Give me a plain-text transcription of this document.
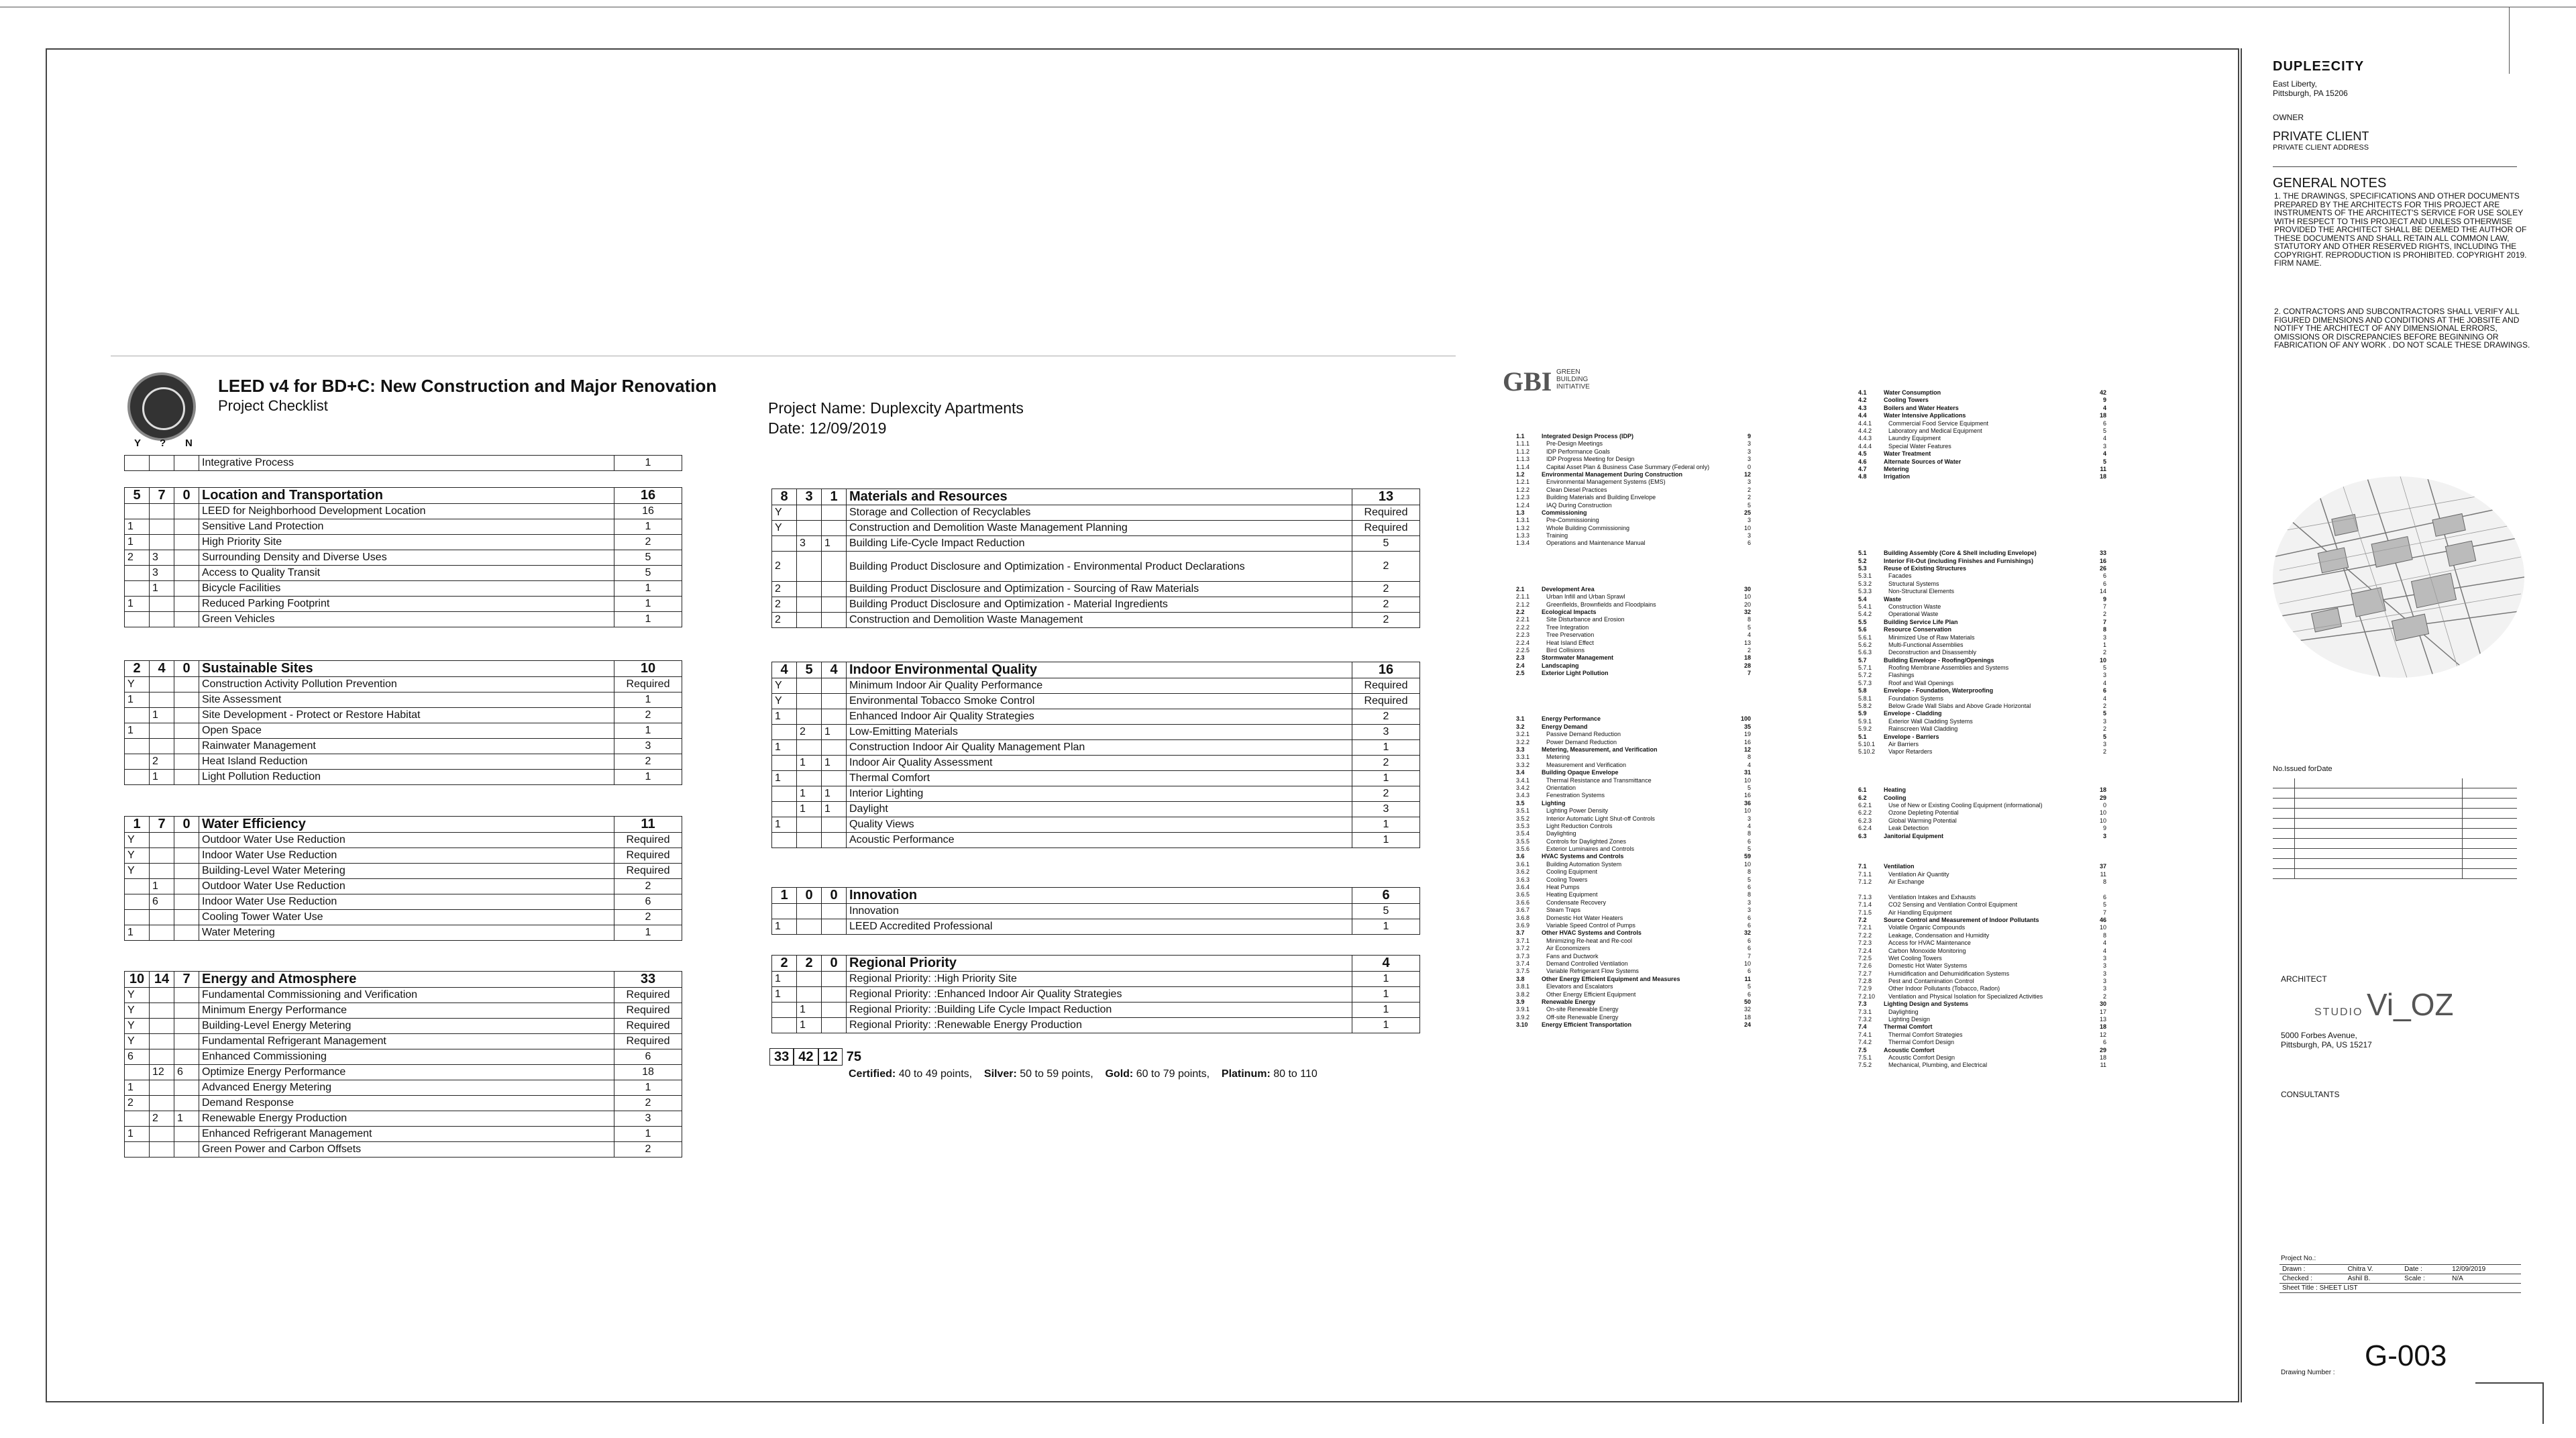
LEED v4 for BD+C: New Construction and Major Renovation
Project Checklist	Project Name: Duplexcity Apartments
Date: 12/09/2019
Y ? N
			Integrative Process	1
5	7	0	Location and Transportation	16
			LEED for Neighborhood Development Location	16
1			Sensitive Land Protection	1
1			High Priority Site	2
2	3		Surrounding Density and Diverse Uses	5
	3		Access to Quality Transit	5
	1		Bicycle Facilities	1
1			Reduced Parking Footprint	1
			Green Vehicles	1
2	4	0	Sustainable Sites	10
Y			Construction Activity Pollution Prevention	Required
1			Site Assessment	1
	1		Site Development - Protect or Restore Habitat	2
1			Open Space	1
			Rainwater Management	3
	2		Heat Island Reduction	2
	1		Light Pollution Reduction	1
1	7	0	Water Efficiency	11
Y			Outdoor Water Use Reduction	Required
Y			Indoor Water Use Reduction	Required
Y			Building-Level Water Metering	Required
	1		Outdoor Water Use Reduction	2
	6		Indoor Water Use Reduction	6
			Cooling Tower Water Use	2
1			Water Metering	1
10	14	7	Energy and Atmosphere	33
Y			Fundamental Commissioning and Verification	Required
Y			Minimum Energy Performance	Required
Y			Building-Level Energy Metering	Required
Y			Fundamental Refrigerant Management	Required
6			Enhanced Commissioning	6
	12	6	Optimize Energy Performance	18
1			Advanced Energy Metering	1
2			Demand Response	2
	2	1	Renewable Energy Production	3
1			Enhanced Refrigerant Management	1
			Green Power and Carbon Offsets	2
8	3	1	Materials and Resources	13
Y			Storage and Collection of Recyclables	Required
Y			Construction and Demolition Waste Management Planning	Required
	3	1	Building Life-Cycle Impact Reduction	5
2			Building Product Disclosure and Optimization - Environmental Product Declarations	2
2			Building Product Disclosure and Optimization - Sourcing of Raw Materials	2
2			Building Product Disclosure and Optimization - Material Ingredients	2
2			Construction and Demolition Waste Management	2
4	5	4	Indoor Environmental Quality	16
Y			Minimum Indoor Air Quality Performance	Required
Y			Environmental Tobacco Smoke Control	Required
1			Enhanced Indoor Air Quality Strategies	2
	2	1	Low-Emitting Materials	3
1			Construction Indoor Air Quality Management Plan	1
	1	1	Indoor Air Quality Assessment	2
1			Thermal Comfort	1
	1	1	Interior Lighting	2
	1	1	Daylight	3
1			Quality Views	1
			Acoustic Performance	1
1	0	0	Innovation	6
			Innovation	5
1			LEED Accredited Professional	1
2	2	0	Regional Priority	4
1			Regional Priority: :High Priority Site	1
1			Regional Priority: :Enhanced Indoor Air Quality Strategies	1
	1		Regional Priority: :Building Life Cycle Impact Reduction	1
	1		Regional Priority: :Renewable Energy Production	1
33 42 12 75
Certified: 40 to 49 points, Silver: 50 to 59 points, Gold: 60 to 79 points, Platinum: 80 to 110
GBI GREEN BUILDING INITIATIVE
1.1	Integrated Design Process (IDP)	9
1.1.1	Pre-Design Meetings	3
1.1.2	IDP Performance Goals	3
1.1.3	IDP Progress Meeting for Design	3
1.1.4	Capital Asset Plan & Business Case Summary (Federal only)	0
1.2	Environmental Management During Construction	12
1.2.1	Environmental Management Systems (EMS)	3
1.2.2	Clean Diesel Practices	2
1.2.3	Building Materials and Building Envelope	2
1.2.4	IAQ During Construction	5
1.3	Commissioning	25
1.3.1	Pre-Commissioning	3
1.3.2	Whole Building Commissioning	10
1.3.3	Training	3
1.3.4	Operations and Maintenance Manual	6
2.1	Development Area	30
2.1.1	Urban Infill and Urban Sprawl	10
2.1.2	Greenfields, Brownfields and Floodplains	20
2.2	Ecological Impacts	32
2.2.1	Site Disturbance and Erosion	8
2.2.2	Tree Integration	5
2.2.3	Tree Preservation	4
2.2.4	Heat Island Effect	13
2.2.5	Bird Collisions	2
2.3	Stormwater Management	18
2.4	Landscaping	28
2.5	Exterior Light Pollution	7
3.1	Energy Performance	100
3.2	Energy Demand	35
3.2.1	Passive Demand Reduction	19
3.2.2	Power Demand Reduction	16
3.3	Metering, Measurement, and Verification	12
3.3.1	Metering	8
3.3.2	Measurement and Verification	4
3.4	Building Opaque Envelope	31
3.4.1	Thermal Resistance and Transmittance	10
3.4.2	Orientation	5
3.4.3	Fenestration Systems	16
3.5	Lighting	36
3.5.1	Lighting Power Density	10
3.5.2	Interior Automatic Light Shut-off Controls	3
3.5.3	Light Reduction Controls	4
3.5.4	Daylighting	8
3.5.5	Controls for Daylighted Zones	6
3.5.6	Exterior Luminaires and Controls	5
3.6	HVAC Systems and Controls	59
3.6.1	Building Automation System	10
3.6.2	Cooling Equipment	8
3.6.3	Cooling Towers	5
3.6.4	Heat Pumps	6
3.6.5	Heating Equipment	8
3.6.6	Condensate Recovery	3
3.6.7	Steam Traps	3
3.6.8	Domestic Hot Water Heaters	6
3.6.9	Variable Speed Control of Pumps	6
3.7	Other HVAC Systems and Controls	32
3.7.1	Minimizing Re-heat and Re-cool	6
3.7.2	Air Economizers	6
3.7.3	Fans and Ductwork	7
3.7.4	Demand Controlled Ventilation	10
3.7.5	Variable Refrigerant Flow Systems	6
3.8	Other Energy Efficient Equipment and Measures	11
3.8.1	Elevators and Escalators	5
3.8.2	Other Energy Efficient Equipment	6
3.9	Renewable Energy	50
3.9.1	On-site Renewable Energy	32
3.9.2	Off-site Renewable Energy	18
3.10 Energy Efficient Transportation	24
4.1	Water Consumption	42
4.2	Cooling Towers	9
4.3	Boilers and Water Heaters	4
4.4	Water Intensive Applications	18
4.4.1	Commercial Food Service Equipment	6
4.4.2	Laboratory and Medical Equipment	5
4.4.3	Laundry Equipment	4
4.4.4	Special Water Features	3
4.5	Water Treatment	4
4.6	Alternate Sources of Water	5
4.7	Metering	11
4.8	Irrigation	18
5.1	Building Assembly (Core & Shell including Envelope)	33
5.2	Interior Fit-Out (including Finishes and Furnishings)	16
5.3	Reuse of Existing Structures	26
5.3.1	Facades	6
5.3.2	Structural Systems	6
5.3.3	Non-Structural Elements	14
5.4	Waste	9
5.4.1	Construction Waste	7
5.4.2	Operational Waste	2
5.5	Building Service Life Plan	7
5.6	Resource Conservation	8
5.6.1	Minimized Use of Raw Materials	3
5.6.2	Multi-Functional Assemblies	1
5.6.3	Deconstruction and Disassembly	2
5.7	Building Envelope - Roofing/Openings	10
5.7.1	Roofing Membrane Assemblies and Systems	5
5.7.2	Flashings	3
5.7.3	Roof and Wall Openings	4
5.8	Envelope - Foundation, Waterproofing	6
5.8.1	Foundation Systems	4
5.8.2	Below Grade Wall Slabs and Above Grade Horizontal	2
5.9	Envelope - Cladding	5
5.9.1	Exterior Wall Cladding Systems	3
5.9.2	Rainscreen Wall Cladding	2
5.1	Envelope - Barriers	5
5.10.1 Air Barriers	3
5.10.2 Vapor Retarders	2
6.1	Heating	18
6.2	Cooling	29
6.2.1	Use of New or Existing Cooling Equipment (informational)	0
6.2.2	Ozone Depleting Potential	10
6.2.3	Global Warming Potential	10
6.2.4	Leak Detection	9
6.3	Janitorial Equipment	3
7.1	Ventilation	37
7.1.1	Ventilation Air Quantity	11
7.1.2	Air Exchange	8
7.1.3	Ventilation Intakes and Exhausts	6
7.1.4	CO2 Sensing and Ventilation Control Equipment	5
7.1.5	Air Handling Equipment	7
7.2	Source Control and Measurement of Indoor Pollutants	46
7.2.1	Volatile Organic Compounds	10
7.2.2	Leakage, Condensation and Humidity	8
7.2.3	Access for HVAC Maintenance	4
7.2.4	Carbon Monoxide Monitoring	4
7.2.5	Wet Cooling Towers	3
7.2.6	Domestic Hot Water Systems	3
7.2.7	Humidification and Dehumidification Systems	3
7.2.8	Pest and Contamination Control	3
7.2.9	Other Indoor Pollutants (Tobacco, Radon)	3
7.2.10 Ventilation and Physical Isolation for Specialized Activities	2
7.3	Lighting Design and Systems	30
7.3.1	Daylighting	17
7.3.2	Lighting Design	13
7.4	Thermal Comfort	18
7.4.1	Thermal Comfort Strategies	12
7.4.2	Thermal Comfort Design	6
7.5	Acoustic Comfort	29
7.5.1	Acoustic Comfort Design	18
7.5.2	Mechanical, Plumbing, and Electrical	11
DUPLEΞCITY
East Liberty,
Pittsburgh, PA 15206
OWNER
PRIVATE CLIENT
PRIVATE CLIENT ADDRESS
GENERAL NOTES
1. THE DRAWINGS, SPECIFICATIONS AND OTHER DOCUMENTS PREPARED BY THE ARCHITECTS FOR THIS PROJECT ARE INSTRUMENTS OF THE ARCHITECT'S SERVICE FOR USE SOLEY WITH RESPECT TO THIS PROJECT AND UNLESS OTHERWISE PROVIDED THE ARCHITECT SHALL BE DEEMED THE AUTHOR OF THESE DOCUMENTS AND SHALL RETAIN ALL COMMON LAW, STATUTORY AND OTHER RESERVED RIGHTS, INCLUDING THE COPYRIGHT. REPRODUCTION IS PROHIBITED. COPYRIGHT 2019. FIRM NAME.
2. CONTRACTORS AND SUBCONTRACTORS SHALL VERIFY ALL FIGURED DIMENSIONS AND CONDITIONS AT THE JOBSITE AND NOTIFY THE ARCHITECT OF ANY DIMENSIONAL ERRORS, OMISSIONS OR DISCREPANCIES BEFORE BEGINNING OR FABRICATION OF ANY WORK . DO NOT SCALE THESE DRAWINGS.
No.Issued forDate
ARCHITECT
STUDIO Vi_OZ
5000 Forbes Avenue,
Pittsburgh, PA, US 15217
CONSULTANTS
Project No.:
Drawn :	Chitra V.	Date :	12/09/2019
Checked :	Ashil B.	Scale :	N/A
Sheet Title : SHEET LIST			
Drawing Number :
G-003
